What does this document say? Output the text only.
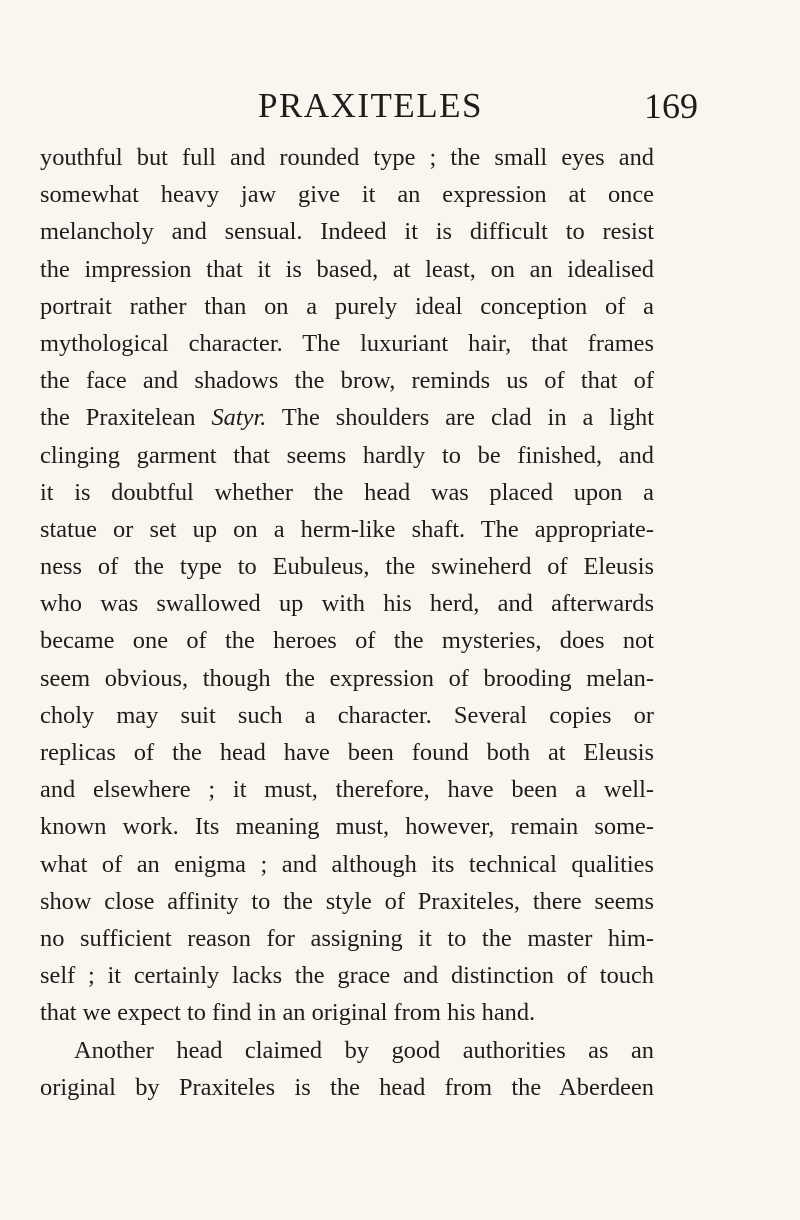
PRAXITELES	169
youthful but full and rounded type ; the small eyes and
somewhat heavy jaw give it an expression at once
melancholy and sensual. Indeed it is difficult to resist
the impression that it is based, at least, on an idealised
portrait rather than on a purely ideal conception of a
mythological character. The luxuriant hair, that frames
the face and shadows the brow, reminds us of that of
the Praxitelean Satyr. The shoulders are clad in a light
clinging garment that seems hardly to be finished, and
it is doubtful whether the head was placed upon a
statue or set up on a herm-like shaft. The appropriate-
ness of the type to Eubuleus, the swineherd of Eleusis
who was swallowed up with his herd, and afterwards
became one of the heroes of the mysteries, does not
seem obvious, though the expression of brooding melan-
choly may suit such a character. Several copies or
replicas of the head have been found both at Eleusis
and elsewhere ; it must, therefore, have been a well-
known work. Its meaning must, however, remain some-
what of an enigma ; and although its technical qualities
show close affinity to the style of Praxiteles, there seems
no sufficient reason for assigning it to the master him-
self ; it certainly lacks the grace and distinction of touch
that we expect to find in an original from his hand.
Another head claimed by good authorities as an
original by Praxiteles is the head from the Aberdeen
